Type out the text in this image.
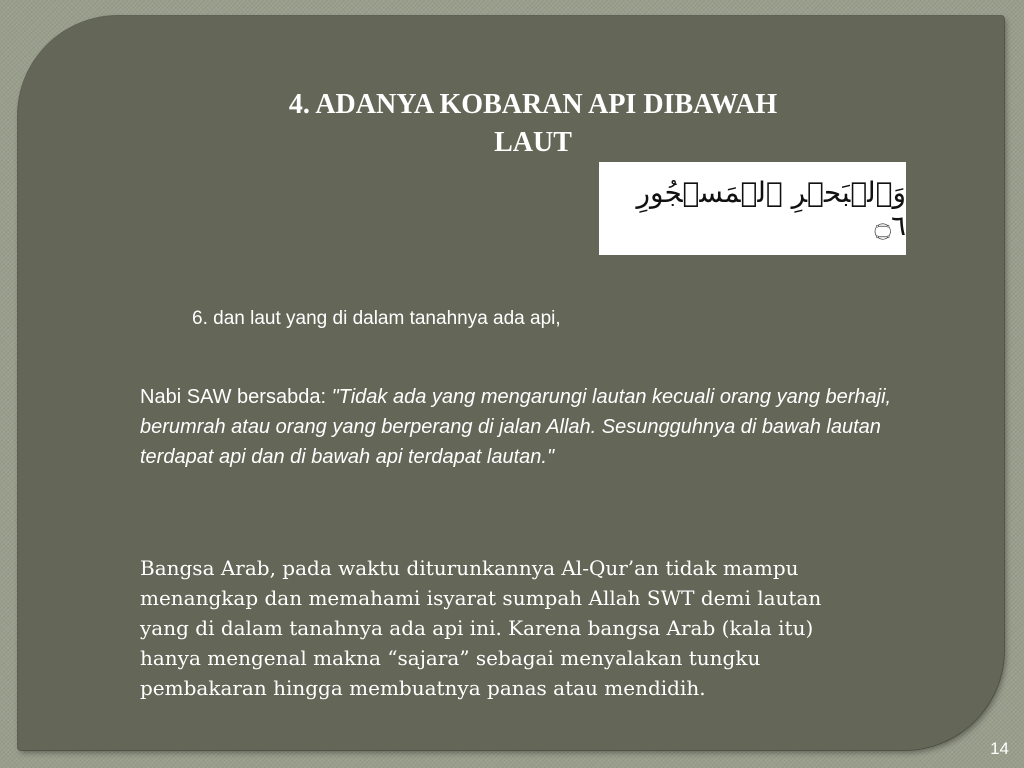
4. ADANYA KOBARAN API DIBAWAH
LAUT
وَٱلۡبَحۡرِ ٱلۡمَسۡجُورِ ۝٦

6. dan laut yang di dalam tanahnya ada api,

Nabi SAW bersabda: "Tidak ada yang mengarungi lautan kecuali orang yang berhaji, berumrah atau orang yang berperang di jalan Allah. Sesungguhnya di bawah lautan terdapat api dan di bawah api terdapat lautan."

Bangsa Arab, pada waktu diturunkannya Al-Qur’an tidak mampu
menangkap dan memahami isyarat sumpah Allah SWT demi lautan
yang di dalam tanahnya ada api ini. Karena bangsa Arab (kala itu)
hanya mengenal makna “sajara” sebagai menyalakan tungku
pembakaran hingga membuatnya panas atau mendidih.

14
